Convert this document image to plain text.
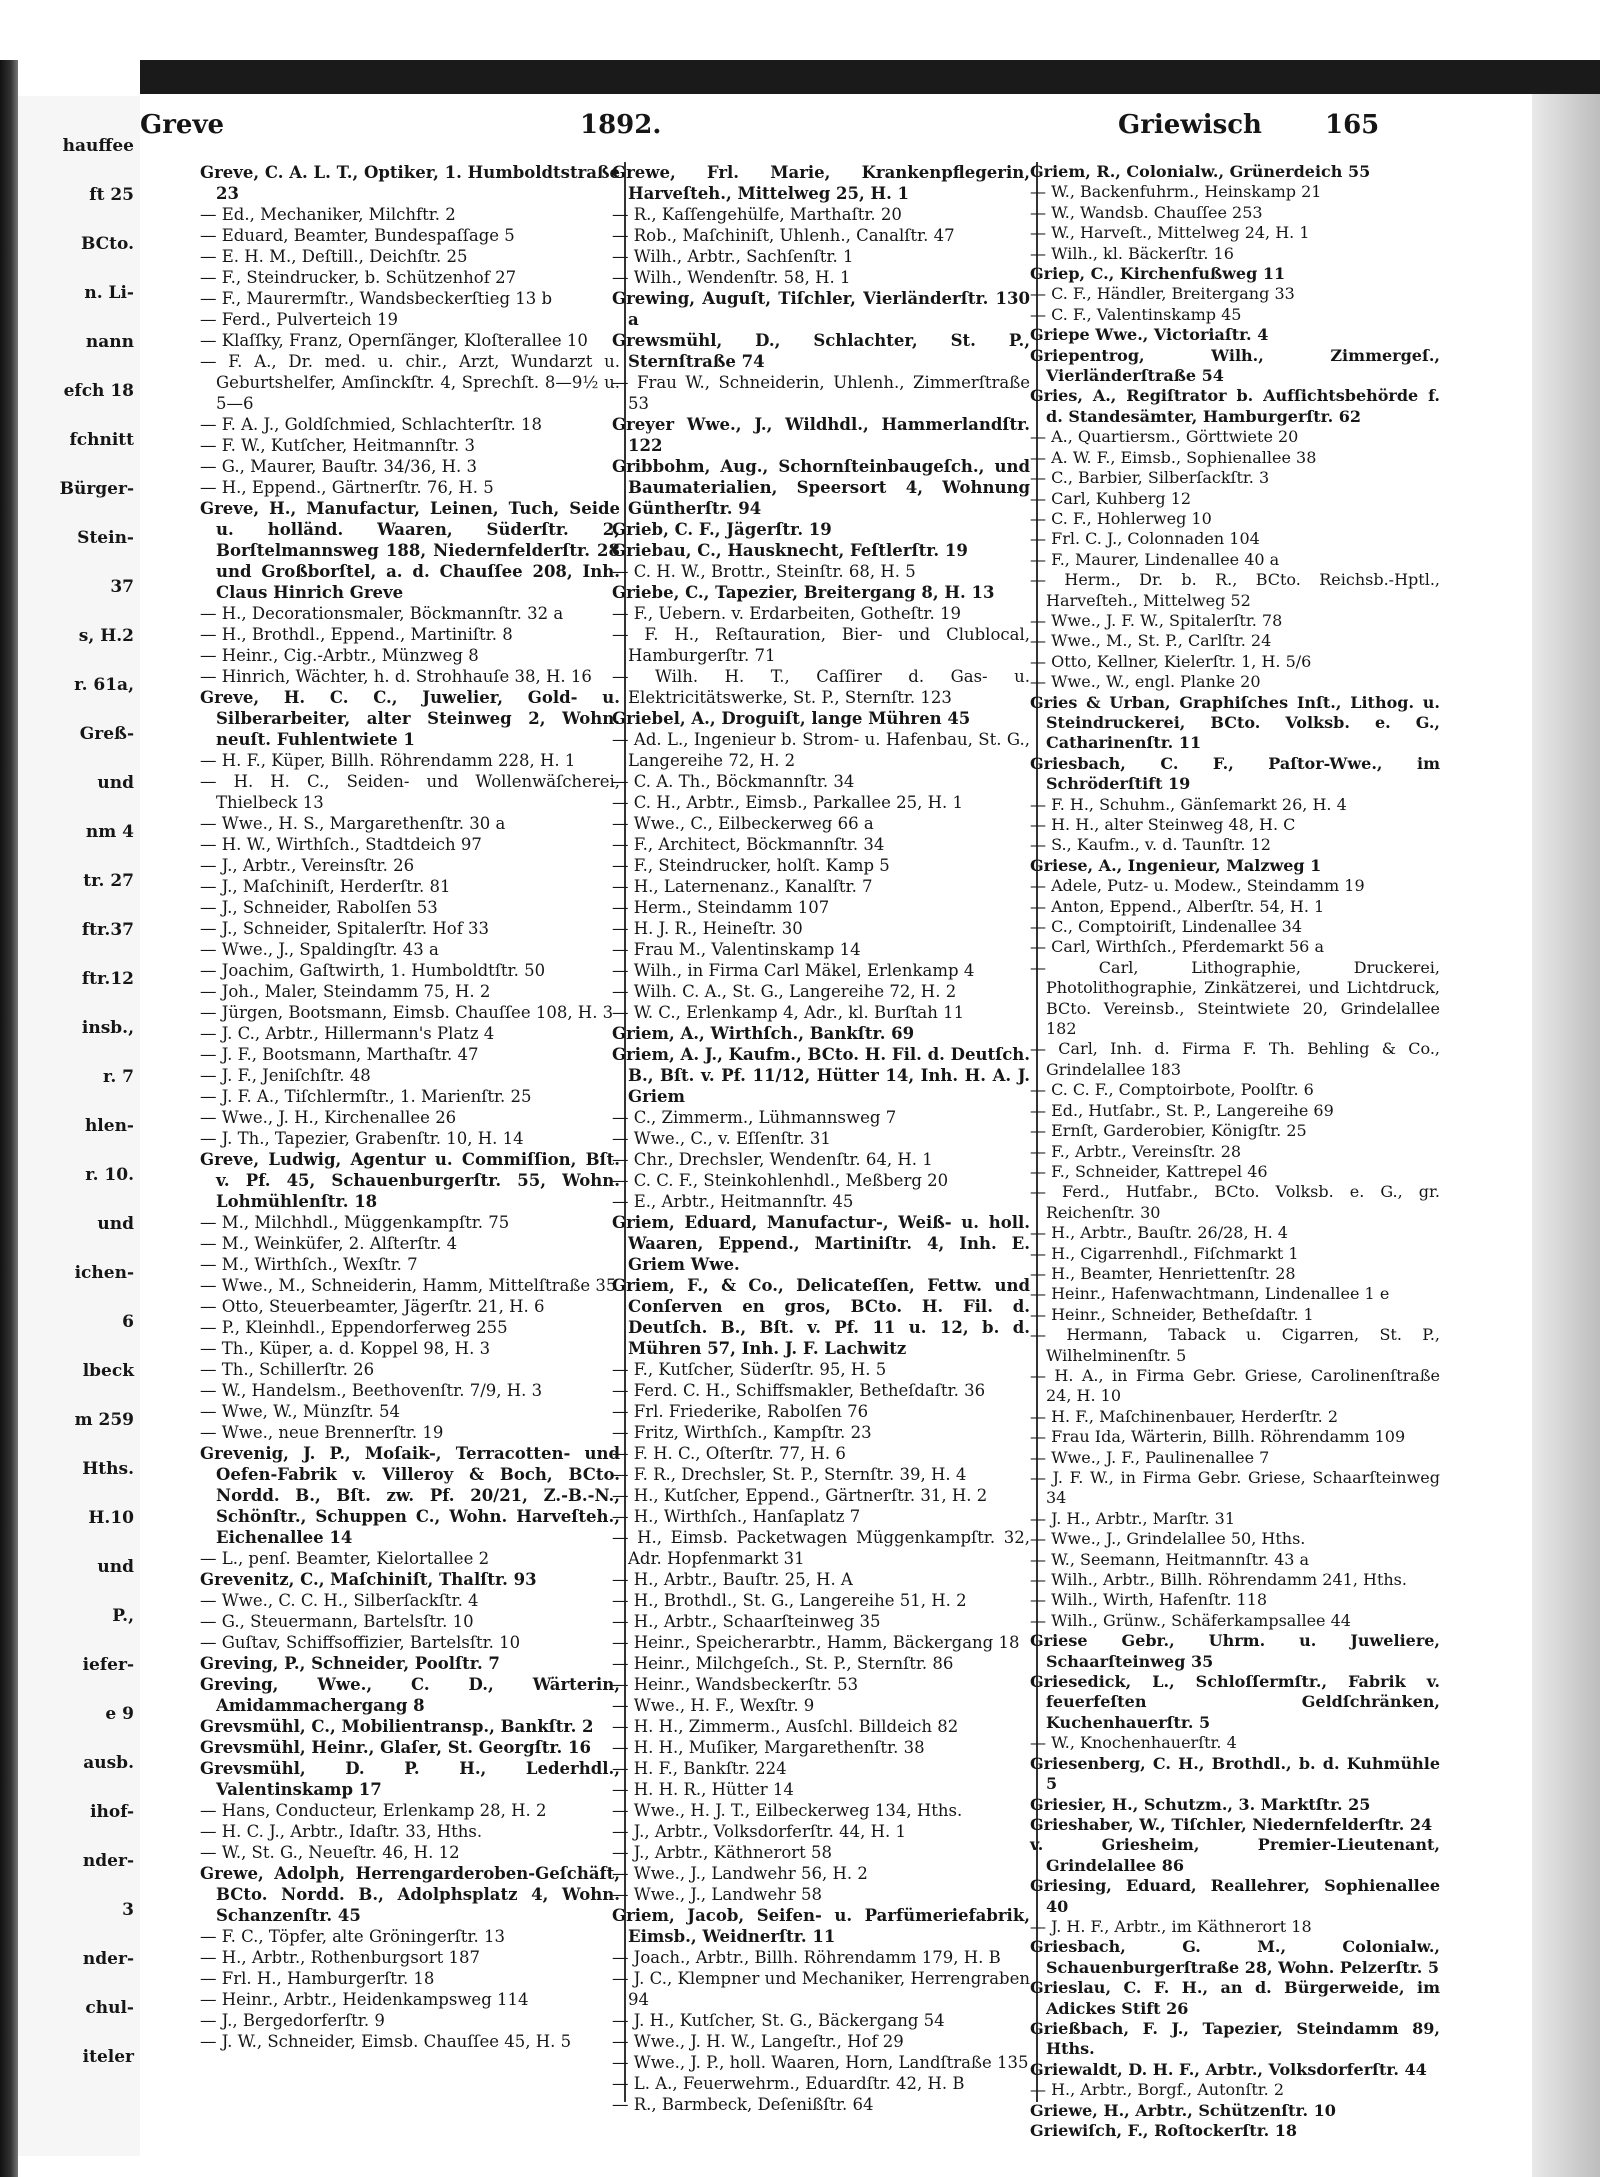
hauffee
ft 25
BCto.
n. Li-
nann
efch 18
fchnitt
Bürger-
Stein-
37
s, H.2
r. 61a,
Greß-
und
nm 4
tr. 27
ftr.37
ftr.12
insb.,
r. 7
hlen-
r. 10.
und
ichen-
6
lbeck
m 259
Hths.
H.10
und
P.,
iefer-
e 9
ausb.
ihof-
nder-
3
nder-
chul-
iteler
Greve	1892.	Griewisch 165

Greve, C. A. L. T., Optiker, 1. Humboldtstraße 23

— Ed., Mechaniker, Milchftr. 2

— Eduard, Beamter, Bundespaſſage 5

— E. H. M., Deſtill., Deichſtr. 25

— F., Steindrucker, b. Schützenhof 27

— F., Maurermſtr., Wandsbeckerſtieg 13 b

— Ferd., Pulverteich 19

— Klaſſky, Franz, Opernſänger, Kloſterallee 10

— F. A., Dr. med. u. chir., Arzt, Wundarzt u. Geburtshelfer, Amſinckſtr. 4, Sprechſt. 8—9½ u. 5—6

— F. A. J., Goldſchmied, Schlachterſtr. 18

— F. W., Kutſcher, Heitmannſtr. 3

— G., Maurer, Bauſtr. 34/36, H. 3

— H., Eppend., Gärtnerſtr. 76, H. 5

Greve, H., Manufactur, Leinen, Tuch, Seide u. holländ. Waaren, Süderſtr. 2, Borſtelmannsweg 188, Niedernfelderſtr. 28 und Großborſtel, a. d. Chauſſee 208, Inh. Claus Hinrich Greve

— H., Decorationsmaler, Böckmannſtr. 32 a

— H., Brothdl., Eppend., Martiniſtr. 8

— Heinr., Cig.-Arbtr., Münzweg 8

— Hinrich, Wächter, h. d. Strohhauſe 38, H. 16

Greve, H. C. C., Juwelier, Gold- u. Silberarbeiter, alter Steinweg 2, Wohn. neuſt. Fuhlentwiete 1

— H. F., Küper, Billh. Röhrendamm 228, H. 1

— H. H. C., Seiden- und Wollenwäſcherei, Thielbeck 13

— Wwe., H. S., Margarethenſtr. 30 a

— H. W., Wirthſch., Stadtdeich 97

— J., Arbtr., Vereinsſtr. 26

— J., Maſchiniſt, Herderſtr. 81

— J., Schneider, Rabolſen 53

— J., Schneider, Spitalerſtr. Hof 33

— Wwe., J., Spaldingſtr. 43 a

— Joachim, Gaſtwirth, 1. Humboldtſtr. 50

— Joh., Maler, Steindamm 75, H. 2

— Jürgen, Bootsmann, Eimsb. Chauſſee 108, H. 3

— J. C., Arbtr., Hillermann's Platz 4

— J. F., Bootsmann, Marthaſtr. 47

— J. F., Jeniſchſtr. 48

— J. F. A., Tiſchlermſtr., 1. Marienſtr. 25

— Wwe., J. H., Kirchenallee 26

— J. Th., Tapezier, Grabenſtr. 10, H. 14

Greve, Ludwig, Agentur u. Commiſſion, Bſt. v. Pf. 45, Schauenburgerſtr. 55, Wohn. Lohmühlenſtr. 18

— M., Milchhdl., Müggenkampſtr. 75

— M., Weinküfer, 2. Alſterſtr. 4

— M., Wirthſch., Wexſtr. 7

— Wwe., M., Schneiderin, Hamm, Mittelſtraße 35

— Otto, Steuerbeamter, Jägerſtr. 21, H. 6

— P., Kleinhdl., Eppendorferweg 255

— Th., Küper, a. d. Koppel 98, H. 3

— Th., Schillerſtr. 26

— W., Handelsm., Beethovenſtr. 7/9, H. 3

— Wwe, W., Münzſtr. 54

— Wwe., neue Brennerſtr. 19

Grevenig, J. P., Moſaik-, Terracotten- und Oefen-Fabrik v. Villeroy & Boch, BCto. Nordd. B., Bſt. zw. Pf. 20/21, Z.-B.-N., Schönſtr., Schuppen C., Wohn. Harveſteh., Eichenallee 14

— L., penſ. Beamter, Kielortallee 2

Grevenitz, C., Maſchiniſt, Thalſtr. 93

— Wwe., C. C. H., Silberſackſtr. 4

— G., Steuermann, Bartelsſtr. 10

— Guſtav, Schiffsoffizier, Bartelsſtr. 10

Greving, P., Schneider, Poolſtr. 7

Greving, Wwe., C. D., Wärterin, Amidammachergang 8

Grevsmühl, C., Mobilientransp., Bankſtr. 2

Grevsmühl, Heinr., Glaſer, St. Georgſtr. 16

Grevsmühl, D. P. H., Lederhdl., Valentinskamp 17

— Hans, Conducteur, Erlenkamp 28, H. 2

— H. C. J., Arbtr., Idaſtr. 33, Hths.

— W., St. G., Neueſtr. 46, H. 12

Grewe, Adolph, Herrengarderoben-Geſchäft, BCto. Nordd. B., Adolphsplatz 4, Wohn. Schanzenſtr. 45

— F. C., Töpfer, alte Gröningerſtr. 13

— H., Arbtr., Rothenburgsort 187

— Frl. H., Hamburgerſtr. 18

— Heinr., Arbtr., Heidenkampsweg 114

— J., Bergedorferſtr. 9

— J. W., Schneider, Eimsb. Chauſſee 45, H. 5

Grewe, Frl. Marie, Krankenpflegerin, Harveſteh., Mittelweg 25, H. 1

— R., Kaſſengehülfe, Marthaſtr. 20

— Rob., Maſchiniſt, Uhlenh., Canalſtr. 47

— Wilh., Arbtr., Sachſenſtr. 1

— Wilh., Wendenſtr. 58, H. 1

Grewing, Auguſt, Tiſchler, Vierländerſtr. 130 a

Grewsmühl, D., Schlachter, St. P., Sternſtraße 74

— Frau W., Schneiderin, Uhlenh., Zimmerſtraße 53

Greyer Wwe., J., Wildhdl., Hammerlandſtr. 122

Gribbohm, Aug., Schornſteinbaugeſch., und Baumaterialien, Speersort 4, Wohnung Güntherſtr. 94

Grieb, C. F., Jägerſtr. 19

Griebau, C., Hausknecht, Feſtlerſtr. 19

— C. H. W., Brottr., Steinſtr. 68, H. 5

Griebe, C., Tapezier, Breitergang 8, H. 13

— F., Uebern. v. Erdarbeiten, Gotheſtr. 19

— F. H., Reſtauration, Bier- und Clublocal, Hamburgerſtr. 71

— Wilh. H. T., Caſſirer d. Gas- u. Elektricitätswerke, St. P., Sternſtr. 123

Griebel, A., Droguiſt, lange Mühren 45

— Ad. L., Ingenieur b. Strom- u. Hafenbau, St. G., Langereihe 72, H. 2

— C. A. Th., Böckmannſtr. 34

— C. H., Arbtr., Eimsb., Parkallee 25, H. 1

— Wwe., C., Eilbeckerweg 66 a

— F., Architect, Böckmannſtr. 34

— F., Steindrucker, holſt. Kamp 5

— H., Laternenanz., Kanalſtr. 7

— Herm., Steindamm 107

— H. J. R., Heineſtr. 30

— Frau M., Valentinskamp 14

— Wilh., in Firma Carl Mäkel, Erlenkamp 4

— Wilh. C. A., St. G., Langereihe 72, H. 2

— W. C., Erlenkamp 4, Adr., kl. Burſtah 11

Griem, A., Wirthſch., Bankſtr. 69

Griem, A. J., Kaufm., BCto. H. Fil. d. Deutſch. B., Bſt. v. Pf. 11/12, Hütter 14, Inh. H. A. J. Griem

— C., Zimmerm., Lühmannsweg 7

— Wwe., C., v. Eſſenſtr. 31

— Chr., Drechsler, Wendenſtr. 64, H. 1

— C. C. F., Steinkohlenhdl., Meßberg 20

— E., Arbtr., Heitmannſtr. 45

Griem, Eduard, Manufactur-, Weiß- u. holl. Waaren, Eppend., Martiniſtr. 4, Inh. E. Griem Wwe.

Griem, F., & Co., Delicateſſen, Fettw. und Conſerven en gros, BCto. H. Fil. d. Deutſch. B., Bſt. v. Pf. 11 u. 12, b. d. Mühren 57, Inh. J. F. Lachwitz

— F., Kutſcher, Süderſtr. 95, H. 5

— Ferd. C. H., Schiffsmakler, Betheſdaſtr. 36

— Frl. Friederike, Rabolſen 76

— Fritz, Wirthſch., Kampſtr. 23

— F. H. C., Oſterſtr. 77, H. 6

— F. R., Drechsler, St. P., Sternſtr. 39, H. 4

— H., Kutſcher, Eppend., Gärtnerſtr. 31, H. 2

— H., Wirthſch., Hanſaplatz 7

— H., Eimsb. Packetwagen Müggenkampſtr. 32, Adr. Hopfenmarkt 31

— H., Arbtr., Bauſtr. 25, H. A

— H., Brothdl., St. G., Langereihe 51, H. 2

— H., Arbtr., Schaarſteinweg 35

— Heinr., Speicherarbtr., Hamm, Bäckergang 18

— Heinr., Milchgeſch., St. P., Sternſtr. 86

— Heinr., Wandsbeckerſtr. 53

— Wwe., H. F., Wexſtr. 9

— H. H., Zimmerm., Ausſchl. Billdeich 82

— H. H., Muſiker, Margarethenſtr. 38

— H. F., Bankſtr. 224

— H. H. R., Hütter 14

— Wwe., H. J. T., Eilbeckerweg 134, Hths.

— J., Arbtr., Volksdorferſtr. 44, H. 1

— J., Arbtr., Käthnerort 58

— Wwe., J., Landwehr 56, H. 2

— Wwe., J., Landwehr 58

Griem, Jacob, Seifen- u. Parfümeriefabrik, Eimsb., Weidnerſtr. 11

— Joach., Arbtr., Billh. Röhrendamm 179, H. B

— J. C., Klempner und Mechaniker, Herrengraben 94

— J. H., Kutſcher, St. G., Bäckergang 54

— Wwe., J. H. W., Langeſtr., Hof 29

— Wwe., J. P., holl. Waaren, Horn, Landſtraße 135

— L. A., Feuerwehrm., Eduardſtr. 42, H. B

— R., Barmbeck, Deſenißſtr. 64

Griem, R., Colonialw., Grünerdeich 55

— W., Backenfuhrm., Heinskamp 21

— W., Wandsb. Chauſſee 253

— W., Harveſt., Mittelweg 24, H. 1

— Wilh., kl. Bäckerſtr. 16

Griep, C., Kirchenfußweg 11

— C. F., Händler, Breitergang 33

— C. F., Valentinskamp 45

Griepe Wwe., Victoriaſtr. 4

Griepentrog, Wilh., Zimmergeſ., Vierländerſtraße 54

Gries, A., Regiſtrator b. Aufſichtsbehörde f. d. Standesämter, Hamburgerſtr. 62

— A., Quartiersm., Görttwiete 20

— A. W. F., Eimsb., Sophienallee 38

— C., Barbier, Silberſackſtr. 3

— Carl, Kuhberg 12

— C. F., Hohlerweg 10

— Frl. C. J., Colonnaden 104

— F., Maurer, Lindenallee 40 a

— Herm., Dr. b. R., BCto. Reichsb.-Hptl., Harveſteh., Mittelweg 52

— Wwe., J. F. W., Spitalerſtr. 78

— Wwe., M., St. P., Carlſtr. 24

— Otto, Kellner, Kielerſtr. 1, H. 5/6

— Wwe., W., engl. Planke 20

Gries & Urban, Graphiſches Inſt., Lithog. u. Steindruckerei, BCto. Volksb. e. G., Catharinenſtr. 11

Griesbach, C. F., Paſtor-Wwe., im Schröderſtift 19

— F. H., Schuhm., Gänſemarkt 26, H. 4

— H. H., alter Steinweg 48, H. C

— S., Kaufm., v. d. Taunſtr. 12

Griese, A., Ingenieur, Malzweg 1

— Adele, Putz- u. Modew., Steindamm 19

— Anton, Eppend., Alberſtr. 54, H. 1

— C., Comptoiriſt, Lindenallee 34

— Carl, Wirthſch., Pferdemarkt 56 a

— Carl, Lithographie, Druckerei, Photolithographie, Zinkätzerei, und Lichtdruck, BCto. Vereinsb., Steintwiete 20, Grindelallee 182

— Carl, Inh. d. Firma F. Th. Behling & Co., Grindelallee 183

— C. C. F., Comptoirbote, Poolſtr. 6

— Ed., Hutſabr., St. P., Langereihe 69

— Ernſt, Garderobier, Königſtr. 25

— F., Arbtr., Vereinsſtr. 28

— F., Schneider, Kattrepel 46

— Ferd., Hutfabr., BCto. Volksb. e. G., gr. Reichenſtr. 30

— H., Arbtr., Bauſtr. 26/28, H. 4

— H., Cigarrenhdl., Fiſchmarkt 1

— H., Beamter, Henriettenſtr. 28

— Heinr., Hafenwachtmann, Lindenallee 1 e

— Heinr., Schneider, Betheſdaſtr. 1

— Hermann, Taback u. Cigarren, St. P., Wilhelminenſtr. 5

— H. A., in Firma Gebr. Griese, Carolinenſtraße 24, H. 10

— H. F., Maſchinenbauer, Herderſtr. 2

— Frau Ida, Wärterin, Billh. Röhrendamm 109

— Wwe., J. F., Paulinenallee 7

— J. F. W., in Firma Gebr. Griese, Schaarſteinweg 34

— J. H., Arbtr., Marſtr. 31

— Wwe., J., Grindelallee 50, Hths.

— W., Seemann, Heitmannſtr. 43 a

— Wilh., Arbtr., Billh. Röhrendamm 241, Hths.

— Wilh., Wirth, Hafenſtr. 118

— Wilh., Grünw., Schäferkampsallee 44

Griese Gebr., Uhrm. u. Juweliere, Schaarſteinweg 35

Griesedick, L., Schloſſermſtr., Fabrik v. feuerfeſten Geldſchränken, Kuchenhauerſtr. 5

— W., Knochenhauerſtr. 4

Griesenberg, C. H., Brothdl., b. d. Kuhmühle 5

Griesier, H., Schutzm., 3. Marktſtr. 25

Grieshaber, W., Tiſchler, Niedernfelderſtr. 24

v. Griesheim, Premier-Lieutenant, Grindelallee 86

Griesing, Eduard, Reallehrer, Sophienallee 40

— J. H. F., Arbtr., im Käthnerort 18

Griesbach, G. M., Colonialw., Schauenburgerſtraße 28, Wohn. Pelzerſtr. 5

Grieslau, C. F. H., an d. Bürgerweide, im Adickes Stift 26

Grießbach, F. J., Tapezier, Steindamm 89, Hths.

Griewaldt, D. H. F., Arbtr., Volksdorferſtr. 44

— H., Arbtr., Borgf., Autonſtr. 2

Griewe, H., Arbtr., Schützenſtr. 10

Griewiſch, F., Roſtockerſtr. 18
